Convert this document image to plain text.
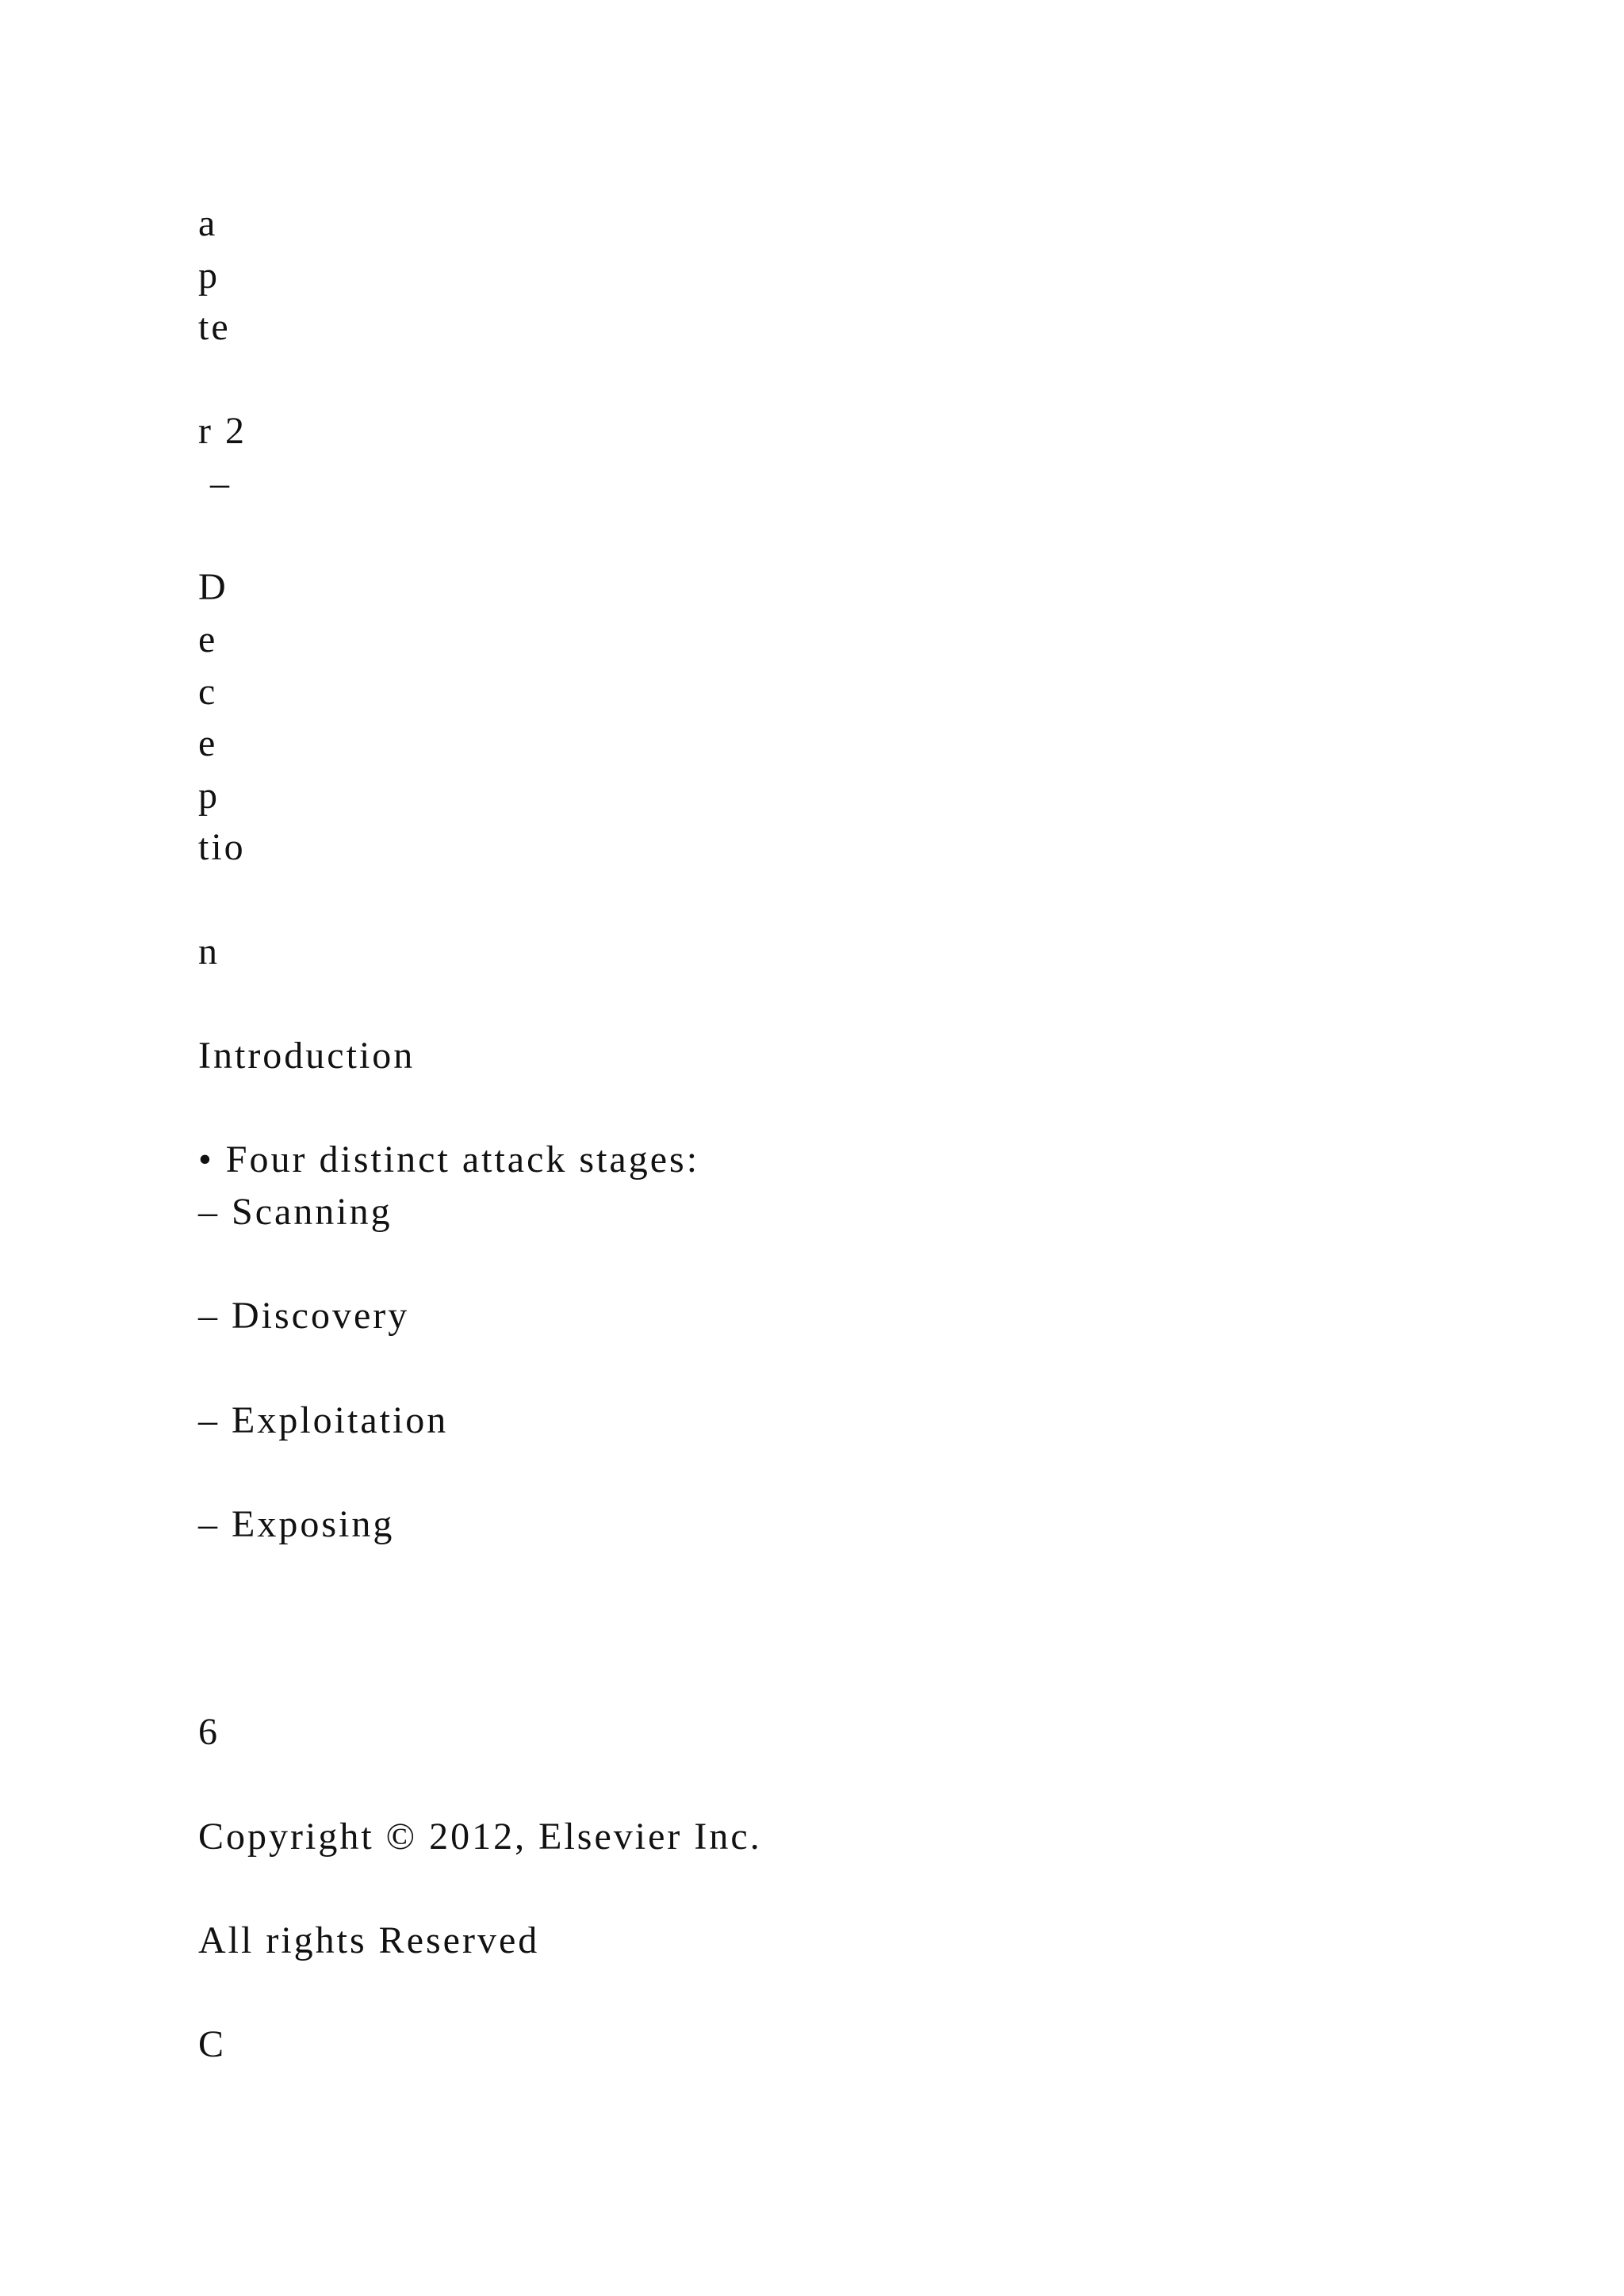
a
p
te
r 2
–
D
e
c
e
p
tio
n
Introduction
• Four distinct attack stages:
– Scanning
– Discovery
– Exploitation
– Exposing
6
Copyright © 2012, Elsevier Inc.
All rights Reserved
C
